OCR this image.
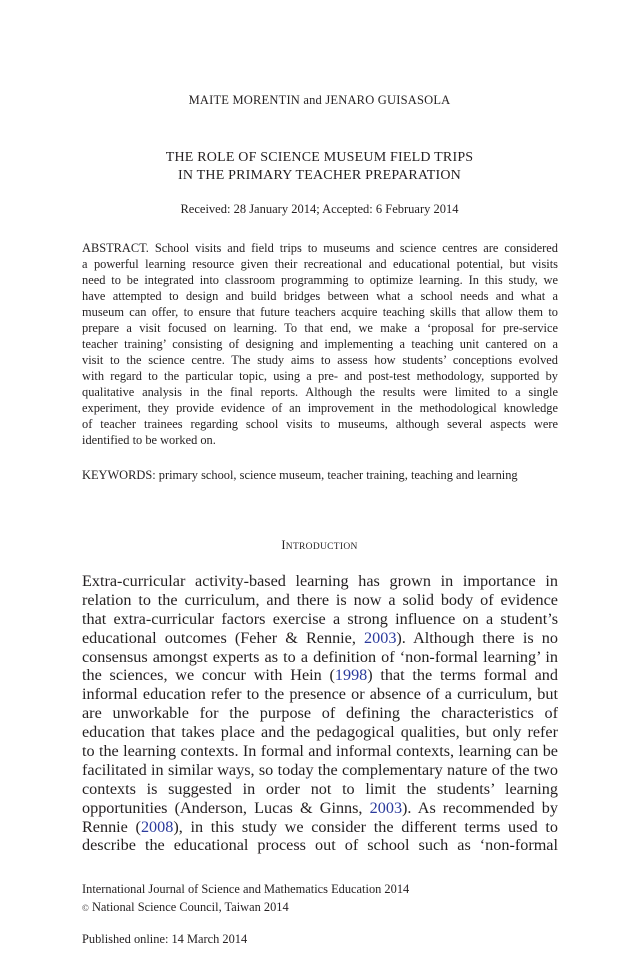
MAITE MORENTIN and JENARO GUISASOLA
THE ROLE OF SCIENCE MUSEUM FIELD TRIPS
IN THE PRIMARY TEACHER PREPARATION
Received: 28 January 2014; Accepted: 6 February 2014
ABSTRACT. School visits and field trips to museums and science centres are considered
a powerful learning resource given their recreational and educational potential, but visits
need to be integrated into classroom programming to optimize learning. In this study, we
have attempted to design and build bridges between what a school needs and what a
museum can offer, to ensure that future teachers acquire teaching skills that allow them to
prepare a visit focused on learning. To that end, we make a ‘proposal for pre-service
teacher training’ consisting of designing and implementing a teaching unit cantered on a
visit to the science centre. The study aims to assess how students’ conceptions evolved
with regard to the particular topic, using a pre- and post-test methodology, supported by
qualitative analysis in the final reports. Although the results were limited to a single
experiment, they provide evidence of an improvement in the methodological knowledge
of teacher trainees regarding school visits to museums, although several aspects were
identified to be worked on.
KEYWORDS: primary school, science museum, teacher training, teaching and learning
INTRODUCTION
Extra-curricular activity-based learning has grown in importance in
relation to the curriculum, and there is now a solid body of evidence
that extra-curricular factors exercise a strong influence on a student’s
educational outcomes (Feher & Rennie, 2003). Although there is no
consensus amongst experts as to a definition of ‘non-formal learning’ in
the sciences, we concur with Hein (1998) that the terms formal and
informal education refer to the presence or absence of a curriculum, but
are unworkable for the purpose of defining the characteristics of
education that takes place and the pedagogical qualities, but only refer
to the learning contexts. In formal and informal contexts, learning can be
facilitated in similar ways, so today the complementary nature of the two
contexts is suggested in order not to limit the students’ learning
opportunities (Anderson, Lucas & Ginns, 2003). As recommended by
Rennie (2008), in this study we consider the different terms used to
describe the educational process out of school such as ‘non-formal
International Journal of Science and Mathematics Education 2014
© National Science Council, Taiwan 2014
Published online: 14 March 2014
